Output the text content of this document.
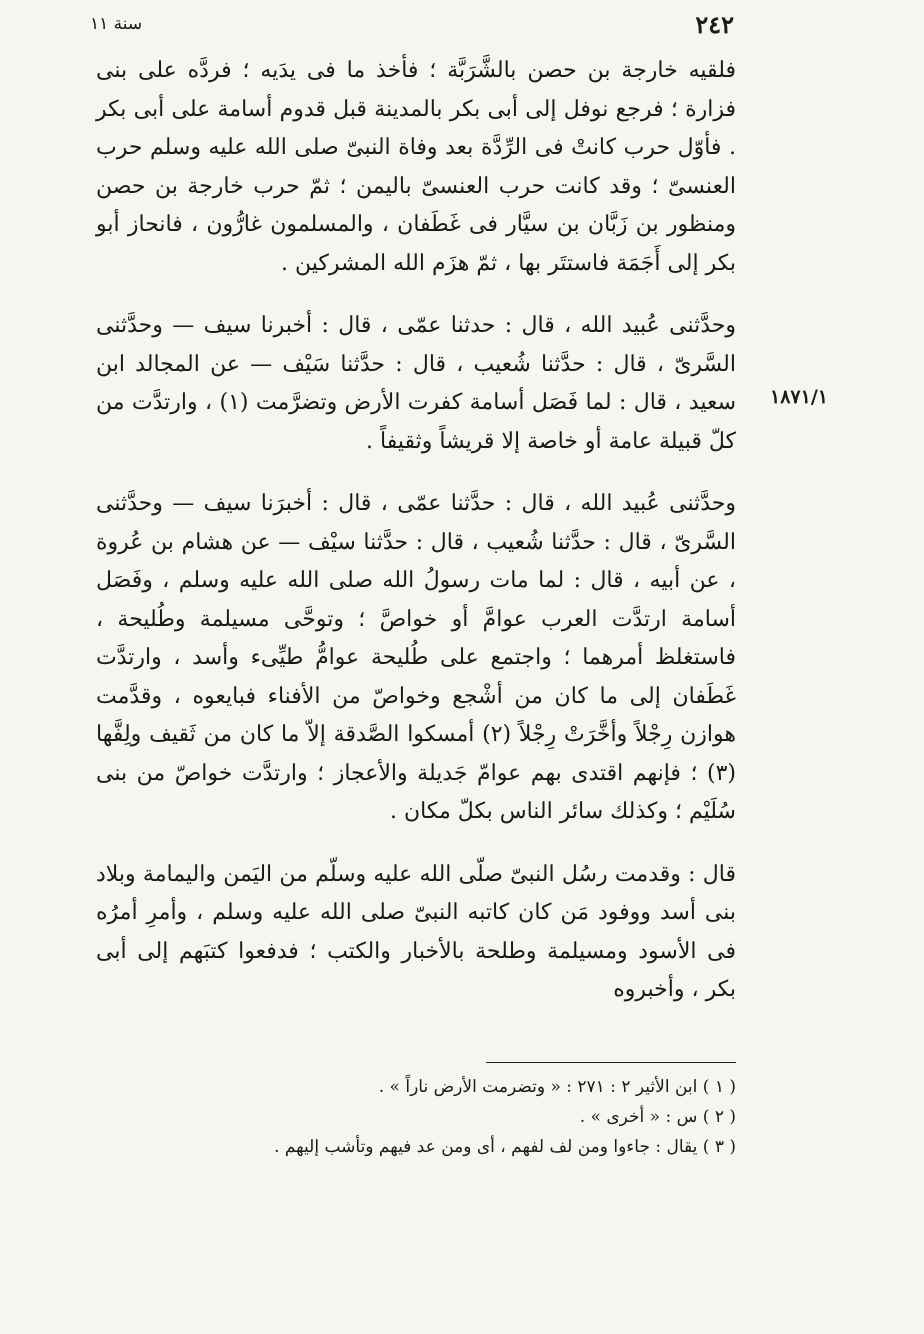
٢٤٢
سنة ١١
١٨٧١/١

فلقيه خارجة بن حصن بالشَّرَبَّة ؛ فأخذ ما فى يدَيه ؛ فردَّه على بنى فزارة ؛ فرجع نوفل إلى أبى بكر بالمدينة قبل قدوم أسامة على أبى بكر . فأوّل حرب كانتْ فى الرِّدَّة بعد وفاة النبىّ صلى الله عليه وسلم حرب العنسىّ ؛ وقد كانت حرب العنسىّ باليمن ؛ ثمّ حرب خارجة بن حصن ومنظور بن زَبَّان بن سيَّار فى غَطَفان ، والمسلمون غارُّون ، فانحاز أبو بكر إلى أَجَمَة فاستتَر بها ، ثمّ هزَم الله المشركين .

وحدَّثنى عُبيد الله ، قال : حدثنا عمّى ، قال : أخبرنا سيف — وحدَّثنى السَّرىّ ، قال : حدَّثنا شُعيب ، قال : حدَّثنا سَيْف — عن المجالد ابن سعيد ، قال : لما فَصَل أسامة كفرت الأرض وتضرَّمت (١) ، وارتدَّت من كلّ قبيلة عامة أو خاصة إلا قريشاً وثقيفاً .

وحدَّثنى عُبيد الله ، قال : حدَّثنا عمّى ، قال : أخبرَنا سيف — وحدَّثنى السَّرىّ ، قال : حدَّثنا شُعيب ، قال : حدَّثنا سيْف — عن هشام بن عُروة ، عن أبيه ، قال : لما مات رسولُ الله صلى الله عليه وسلم ، وفَصَل أسامة ارتدَّت العرب عوامَّ أو خواصَّ ؛ وتوحَّى مسيلمة وطُليحة ، فاستغلظ أمرهما ؛ واجتمع على طُليحة عوامُّ طيِّىء وأسد ، وارتدَّت غَطَفان إلى ما كان من أشْجع وخواصّ من الأفناء فبايعوه ، وقدَّمت هوازن رِجْلاً وأخَّرَتْ رِجْلاً (٢) أمسكوا الصَّدقة إلاّ ما كان من ثَقيف ولِفَّها (٣) ؛ فإنهم اقتدى بهم عوامّ جَديلة والأعجاز ؛ وارتدَّت خواصّ من بنى سُلَيْم ؛ وكذلك سائر الناس بكلّ مكان .

قال : وقدمت رسُل النبىّ صلّى الله عليه وسلّم من اليَمن واليمامة وبلاد بنى أسد ووفود مَن كان كاتبه النبىّ صلى الله عليه وسلم ، وأمرِ أمرُه فى الأسود ومسيلمة وطلحة بالأخبار والكتب ؛ فدفعوا كتبَهم إلى أبى بكر ، وأخبروه

( ١ ) ابن الأثير ٢ : ٢٧١ : « وتضرمت الأرض ناراً » .

( ٢ ) س : « أخرى » .

( ٣ ) يقال : جاءوا ومن لف لفهم ، أى ومن عد فيهم وتأشب إليهم .
